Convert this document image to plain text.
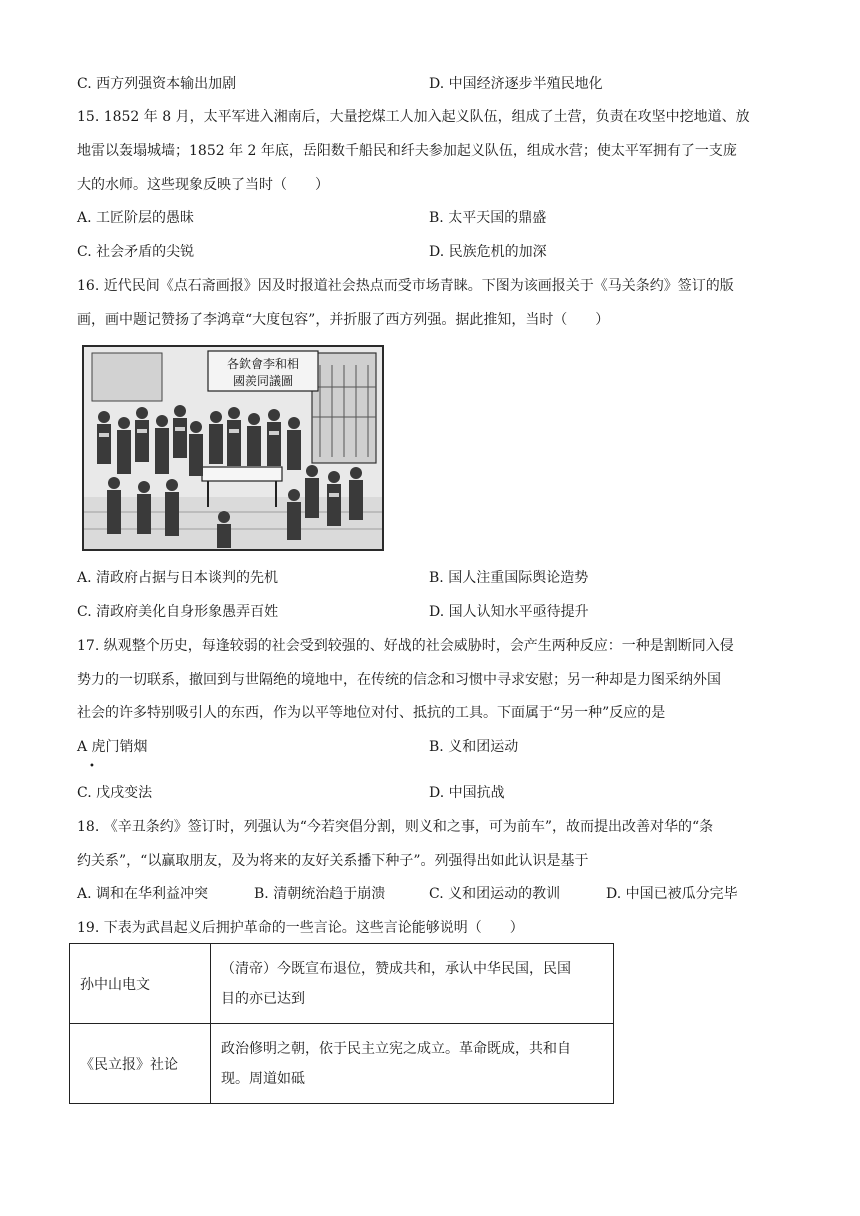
C. 西方列强资本输出加剧	D. 中国经济逐步半殖民地化
15. 1852 年 8 月，太平军进入湘南后，大量挖煤工人加入起义队伍，组成了土营，负责在攻坚中挖地道、放
地雷以轰塌城墙；1852 年 2 年底，岳阳数千船民和纤夫参加起义队伍，组成水营；使太平军拥有了一支庞
大的水师。这些现象反映了当时（　　）
A. 工匠阶层的愚昧	B. 太平天国的鼎盛
C. 社会矛盾的尖锐	D. 民族危机的加深
16. 近代民间《点石斋画报》因及时报道社会热点而受市场青睐。下图为该画报关于《马关条约》签订的版
画，画中题记赞扬了李鸿章“大度包容”，并折服了西方列强。据此推知，当时（　　）
各欽會李和相
國羨同議圖
A. 清政府占据与日本谈判的先机	B. 国人注重国际舆论造势
C. 清政府美化自身形象愚弄百姓	D. 国人认知水平亟待提升
17. 纵观整个历史，每逢较弱的社会受到较强的、好战的社会威胁时，会产生两种反应：一种是割断同入侵
势力的一切联系，撤回到与世隔绝的境地中，在传统的信念和习惯中寻求安慰；另一种却是力图采纳外国
社会的许多特别吸引人的东西，作为以平等地位对付、抵抗的工具。下面属于“另一种”反应的是
A 虎门销烟	B. 义和团运动
C. 戊戌变法	D. 中国抗战
•
18. 《辛丑条约》签订时，列强认为“今若突倡分割，则义和之事，可为前车”，故而提出改善对华的“条
约关系”，“以赢取朋友，及为将来的友好关系播下种子”。列强得出如此认识是基于
A. 调和在华利益冲突	B. 清朝统治趋于崩溃	C. 义和团运动的教训	D. 中国已被瓜分完毕
19. 下表为武昌起义后拥护革命的一些言论。这些言论能够说明（　　）
孙中山电文	（清帝）今既宣布退位，赞成共和，承认中华民国，民国
目的亦已达到

《民立报》社论	政治修明之朝，依于民主立宪之成立。革命既成，共和自
现。周道如砥
